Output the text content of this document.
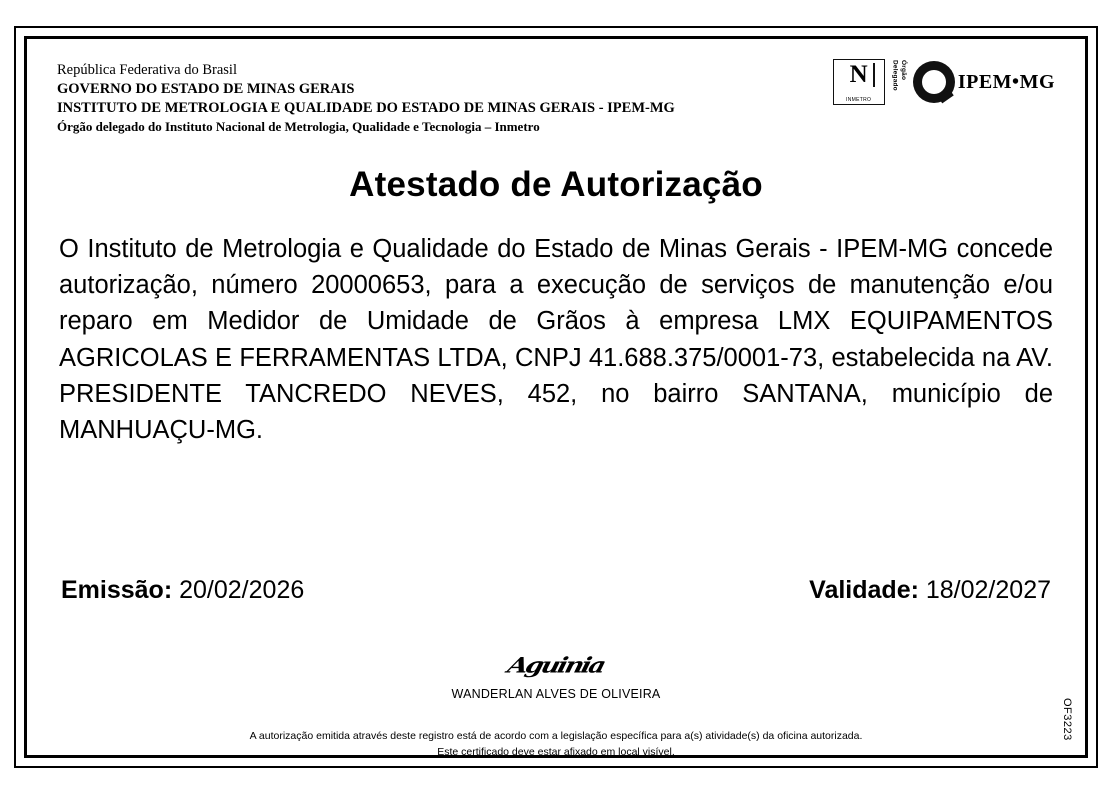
República Federativa do Brasil
GOVERNO DO ESTADO DE MINAS GERAIS
INSTITUTO DE METROLOGIA E QUALIDADE DO ESTADO DE MINAS GERAIS - IPEM-MG
Órgão delegado do Instituto Nacional de Metrologia, Qualidade e Tecnologia – Inmetro
N
INMETRO
Órgão Delegado	IPEM•MG
Atestado de Autorização
O Instituto de Metrologia e Qualidade do Estado de Minas Gerais - IPEM-MG concede autorização, número 20000653, para a execução de serviços de manutenção e/ou reparo em Medidor de Umidade de Grãos à empresa LMX EQUIPAMENTOS AGRICOLAS E FERRAMENTAS LTDA, CNPJ 41.688.375/0001-73, estabelecida na AV. PRESIDENTE TANCREDO NEVES, 452, no bairro SANTANA, município de MANHUAÇU-MG.
Emissão: 20/02/2026	Validade: 18/02/2027
Aguinia
WANDERLAN ALVES DE OLIVEIRA
A autorização emitida através deste registro está de acordo com a legislação específica para a(s) atividade(s) da oficina autorizada.
Este certificado deve estar afixado em local visível.
OF3223
